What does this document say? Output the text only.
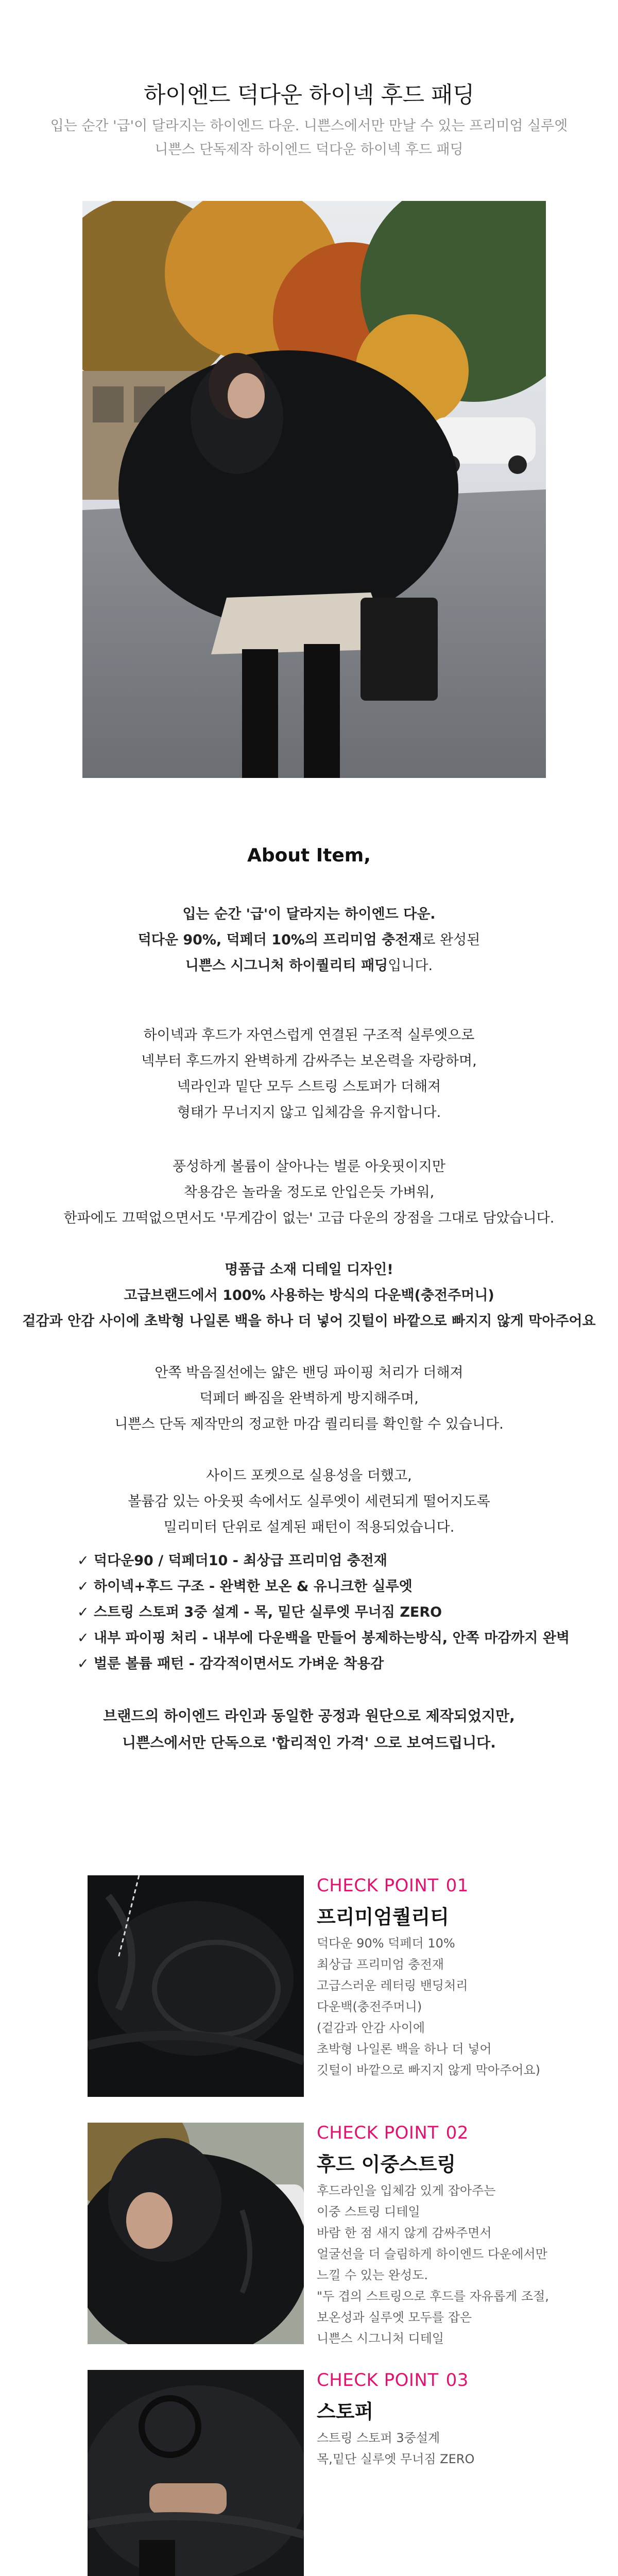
하이엔드 덕다운 하이넥 후드 패딩
입는 순간 '급'이 달라지는 하이엔드 다운. 니쁜스에서만 만날 수 있는 프리미엄 실루엣
니쁜스 단독제작 하이엔드 덕다운 하이넥 후드 패딩
About Item,
입는 순간 '급'이 달라지는 하이엔드 다운.
덕다운 90%, 덕페더 10%의 프리미엄 충전재로 완성된
니쁜스 시그니처 하이퀄리티 패딩입니다.
하이넥과 후드가 자연스럽게 연결된 구조적 실루엣으로
넥부터 후드까지 완벽하게 감싸주는 보온력을 자랑하며,
넥라인과 밑단 모두 스트링 스토퍼가 더해져
형태가 무너지지 않고 입체감을 유지합니다.
풍성하게 볼륨이 살아나는 벌룬 아웃핏이지만
착용감은 놀라울 정도로 안입은듯 가벼워,
한파에도 끄떡없으면서도 '무게감이 없는' 고급 다운의 장점을 그대로 담았습니다.
명품급 소재 디테일 디자인!
고급브랜드에서 100% 사용하는 방식의 다운백(충전주머니)
겉감과 안감 사이에 초박형 나일론 백을 하나 더 넣어 깃털이 바깥으로 빠지지 않게 막아주어요
안쪽 박음질선에는 얇은 밴딩 파이핑 처리가 더해져
덕페더 빠짐을 완벽하게 방지해주며,
니쁜스 단독 제작만의 정교한 마감 퀄리티를 확인할 수 있습니다.
사이드 포켓으로 실용성을 더했고,
볼륨감 있는 아웃핏 속에서도 실루엣이 세련되게 떨어지도록
밀리미터 단위로 설계된 패턴이 적용되었습니다.
✓ 덕다운90 / 덕페더10 - 최상급 프리미엄 충전재
✓ 하이넥+후드 구조 - 완벽한 보온 & 유니크한 실루엣
✓ 스트링 스토퍼 3중 설계 - 목, 밑단 실루엣 무너짐 ZERO
✓ 내부 파이핑 처리 - 내부에 다운백을 만들어 봉제하는방식, 안쪽 마감까지 완벽
✓ 벌룬 볼륨 패턴 - 감각적이면서도 가벼운 착용감
브랜드의 하이엔드 라인과 동일한 공정과 원단으로 제작되었지만,
니쁜스에서만 단독으로 '합리적인 가격' 으로 보여드립니다.
CHECK POINT 01
프리미엄퀄리티
덕다운 90% 덕페더 10%
최상급 프리미엄 충전재
고급스러운 레터링 밴딩처리
다운백(충전주머니)
(겉감과 안감 사이에
초박형 나일론 백을 하나 더 넣어
깃털이 바깥으로 빠지지 않게 막아주어요)
CHECK POINT 02
후드 이중스트링
후드라인을 입체감 있게 잡아주는
이중 스트링 디테일
바람 한 점 새지 않게 감싸주면서
얼굴선을 더 슬림하게 하이엔드 다운에서만
느낄 수 있는 완성도.
"두 겹의 스트링으로 후드를 자유롭게 조절,
보온성과 실루엣 모두를 잡은
니쁜스 시그니처 디테일
CHECK POINT 03
스토퍼
스트링 스토퍼 3중설계
목,밑단 실루엣 무너짐 ZERO
